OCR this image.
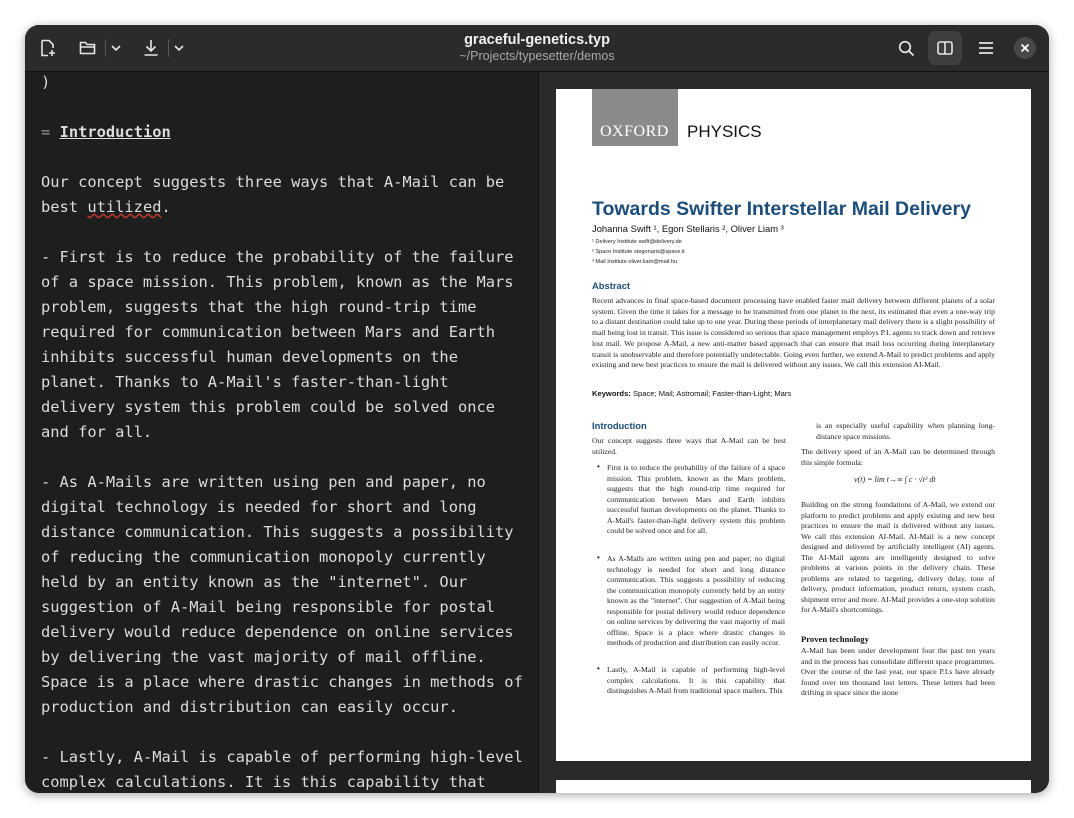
graceful-genetics.typ
~/Projects/typesetter/demos

)

= Introduction

Our concept suggests three ways that A-Mail can be

best utilized.

- First is to reduce the probability of the failure

of a space mission. This problem, known as the Mars

problem, suggests that the high round-trip time

required for communication between Mars and Earth

inhibits successful human developments on the

planet. Thanks to A-Mail's faster-than-light

delivery system this problem could be solved once

and for all.

- As A-Mails are written using pen and paper, no

digital technology is needed for short and long

distance communication. This suggests a possibility

of reducing the communication monopoly currently

held by an entity known as the "internet". Our

suggestion of A-Mail being responsible for postal

delivery would reduce dependence on online services

by delivering the vast majority of mail offline.

Space is a place where drastic changes in methods of

production and distribution can easily occur.

- Lastly, A-Mail is capable of performing high-level

complex calculations. It is this capability that

OXFORD PHYSICS
Towards Swifter Interstellar Mail Delivery
Johanna Swift ¹, Egon Stellaris ², Oliver Liam ³
¹ Delivery Institute swift@delivery.de
² Space Institute stegonaris@space.it
³ Mail Institute oliver.liam@mail.hu
Abstract
Recent advances in final space-based document processing have enabled faster mail delivery between different planets of a solar system. Given the time it takes for a message to be transmitted from one planet to the next, its estimated that even a one-way trip to a distant destination could take up to one year. During these periods of interplanetary mail delivery there is a slight possibility of mail being lost in transit. This issue is considered so serious that space management employs P.I. agents to track down and retrieve lost mail. We propose A-Mail, a new anti-matter based approach that can ensure that mail loss occurring during interplanetary transit is unobservable and therefore potentially undetectable. Going even further, we extend A-Mail to predict problems and apply existing and new best practices to ensure the mail is delivered without any issues. We call this extension AI-Mail.
Keywords: Space; Mail; Astromail; Faster-than-Light; Mars
Introduction
Our concept suggests three ways that A-Mail can be best utilized.
• First is to reduce the probability of the failure of a space mission. This problem, known as the Mars problem, suggests that the high round-trip time required for communication between Mars and Earth inhibits successful human developments on the planet. Thanks to A-Mail's faster-than-light delivery system this problem could be solved once and for all.
• As A-Mails are written using pen and paper, no digital technology is needed for short and long distance communication. This suggests a possibility of reducing the communication monopoly currently held by an entity known as the "internet". Our suggestion of A-Mail being responsible for postal delivery would reduce dependence on online services by delivering the vast majority of mail offline. Space is a place where drastic changes in methods of production and distribution can easily occur.
• Lastly, A-Mail is capable of performing high-level complex calculations. It is this capability that distinguishes A-Mail from traditional space mailers. This
is an especially useful capability when planning long-distance space missions.
The delivery speed of an A-Mail can be determined through this simple formula:
v(t) = lim t→∞ ∫ c · √t² dt
Building on the strong foundations of A-Mail, we extend our platform to predict problems and apply existing and new best practices to ensure the mail is delivered without any issues. We call this extension AI-Mail. AI-Mail is a new concept designed and delivered by artificially intelligent (AI) agents. The AI-Mail agents are intelligently designed to solve problems at various points in the delivery chain. These problems are related to targeting, delivery delay, tone of delivery, product information, product return, system crash, shipment error and more. AI-Mail provides a one-stop solution for A-Mail's shortcomings.
Proven technology
A-Mail has been under development four the past ten years and in the process has consolidate different space programmes. Over the course of the last year, our space P.I.s have already found over ten thousand lost letters. These letters had been drifting in space since the stone
